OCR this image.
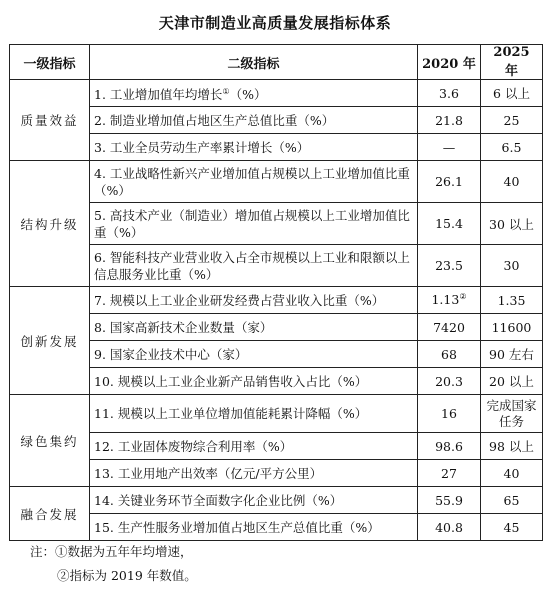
天津市制造业高质量发展指标体系
一级指标	二级指标	2020 年	2025 年
质量效益	1. 工业增加值年均增长①（%）	3.6	6 以上
	2. 制造业增加值占地区生产总值比重（%）	21.8	25
	3. 工业全员劳动生产率累计增长（%）	—	6.5
结构升级	4. 工业战略性新兴产业增加值占规模以上工业增加值比重（%）	26.1	40
	5. 高技术产业（制造业）增加值占规模以上工业增加值比重（%）	15.4	30 以上
	6. 智能科技产业营业收入占全市规模以上工业和限额以上信息服务业比重（%）	23.5	30
创新发展	7. 规模以上工业企业研发经费占营业收入比重（%）	1.13②	1.35
	8. 国家高新技术企业数量（家）	7420	11600
	9. 国家企业技术中心（家）	68	90 左右
	10. 规模以上工业企业新产品销售收入占比（%）	20.3	20 以上
绿色集约	11. 规模以上工业单位增加值能耗累计降幅（%）	16	完成国家任务
	12. 工业固体废物综合利用率（%）	98.6	98 以上
	13. 工业用地产出效率（亿元/平方公里）	27	40
融合发展	14. 关键业务环节全面数字化企业比例（%）	55.9	65
	15. 生产性服务业增加值占地区生产总值比重（%）	40.8	45
注：①数据为五年年均增速，
②指标为 2019 年数值。
